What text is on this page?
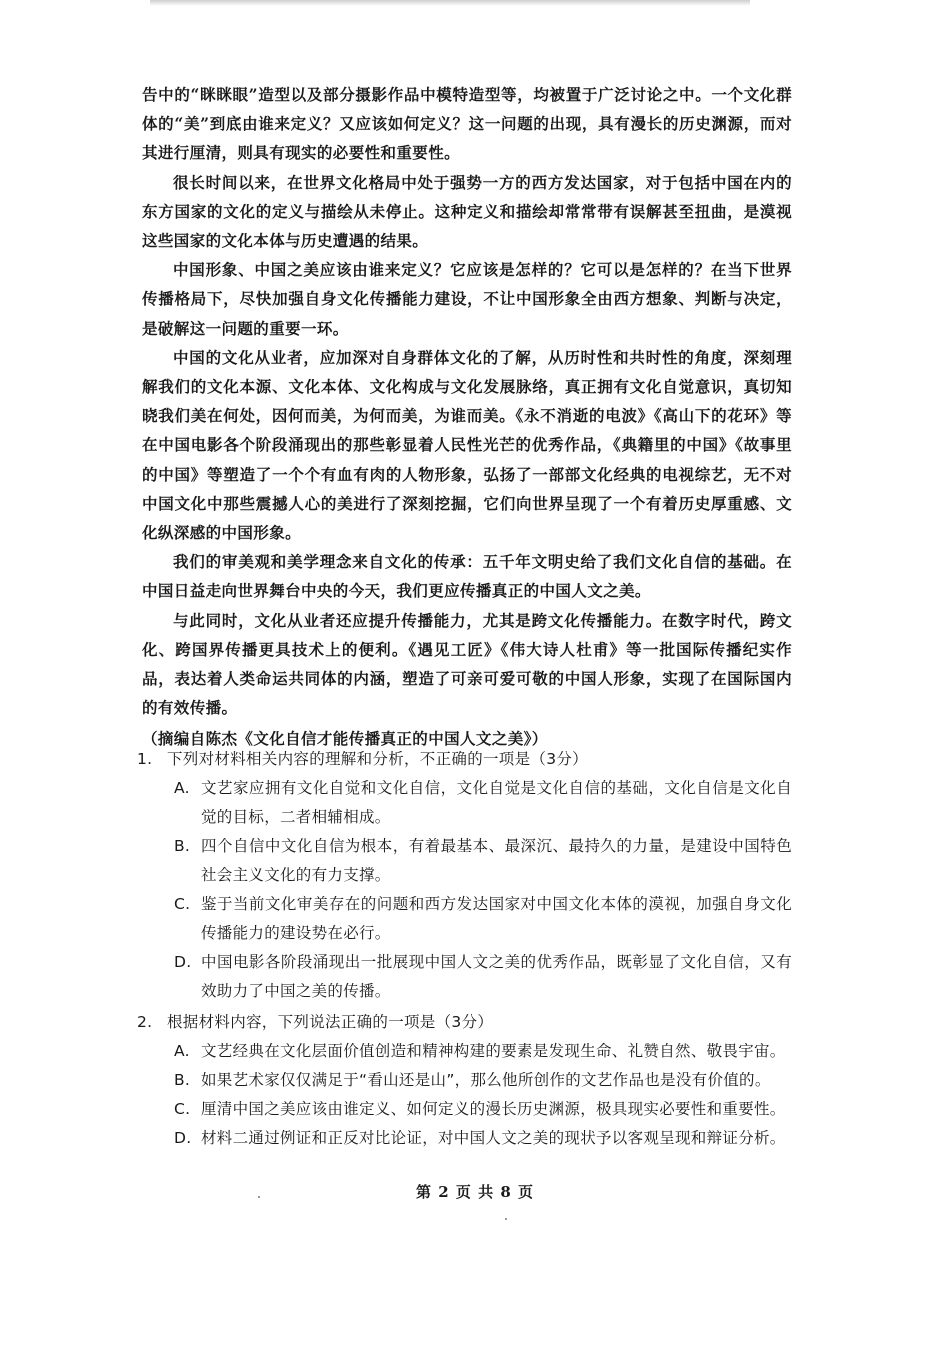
告中的“眯眯眼”造型以及部分摄影作品中模特造型等，均被置于广泛讨论之中。一个文化群体的“美”到底由谁来定义？又应该如何定义？这一问题的出现，具有漫长的历史渊源，而对其进行厘清，则具有现实的必要性和重要性。

很长时间以来，在世界文化格局中处于强势一方的西方发达国家，对于包括中国在内的东方国家的文化的定义与描绘从未停止。这种定义和描绘却常常带有误解甚至扭曲，是漠视这些国家的文化本体与历史遭遇的结果。

中国形象、中国之美应该由谁来定义？它应该是怎样的？它可以是怎样的？在当下世界传播格局下，尽快加强自身文化传播能力建设，不让中国形象全由西方想象、判断与决定，是破解这一问题的重要一环。

中国的文化从业者，应加深对自身群体文化的了解，从历时性和共时性的角度，深刻理解我们的文化本源、文化本体、文化构成与文化发展脉络，真正拥有文化自觉意识，真切知晓我们美在何处，因何而美，为何而美，为谁而美。《永不消逝的电波》《高山下的花环》等在中国电影各个阶段涌现出的那些彰显着人民性光芒的优秀作品，《典籍里的中国》《故事里的中国》等塑造了一个个有血有肉的人物形象，弘扬了一部部文化经典的电视综艺，无不对中国文化中那些震撼人心的美进行了深刻挖掘，它们向世界呈现了一个有着历史厚重感、文化纵深感的中国形象。

我们的审美观和美学理念来自文化的传承：五千年文明史给了我们文化自信的基础。在中国日益走向世界舞台中央的今天，我们更应传播真正的中国人文之美。

与此同时，文化从业者还应提升传播能力，尤其是跨文化传播能力。在数字时代，跨文化、跨国界传播更具技术上的便利。《遇见工匠》《伟大诗人杜甫》等一批国际传播纪实作品，表达着人类命运共同体的内涵，塑造了可亲可爱可敬的中国人形象，实现了在国际国内的有效传播。

（摘编自陈杰《文化自信才能传播真正的中国人文之美》）

1. 下列对材料相关内容的理解和分析，不正确的一项是（3分）
A. 文艺家应拥有文化自觉和文化自信，文化自觉是文化自信的基础，文化自信是文化自觉的目标，二者相辅相成。
B. 四个自信中文化自信为根本，有着最基本、最深沉、最持久的力量，是建设中国特色社会主义文化的有力支撑。
C. 鉴于当前文化审美存在的问题和西方发达国家对中国文化本体的漠视，加强自身文化传播能力的建设势在必行。
D. 中国电影各阶段涌现出一批展现中国人文之美的优秀作品，既彰显了文化自信，又有效助力了中国之美的传播。
2. 根据材料内容，下列说法正确的一项是（3分）
A. 文艺经典在文化层面价值创造和精神构建的要素是发现生命、礼赞自然、敬畏宇宙。
B. 如果艺术家仅仅满足于“看山还是山”，那么他所创作的文艺作品也是没有价值的。
C. 厘清中国之美应该由谁定义、如何定义的漫长历史渊源，极具现实必要性和重要性。
D. 材料二通过例证和正反对比论证，对中国人文之美的现状予以客观呈现和辩证分析。
第 2 页 共 8 页
